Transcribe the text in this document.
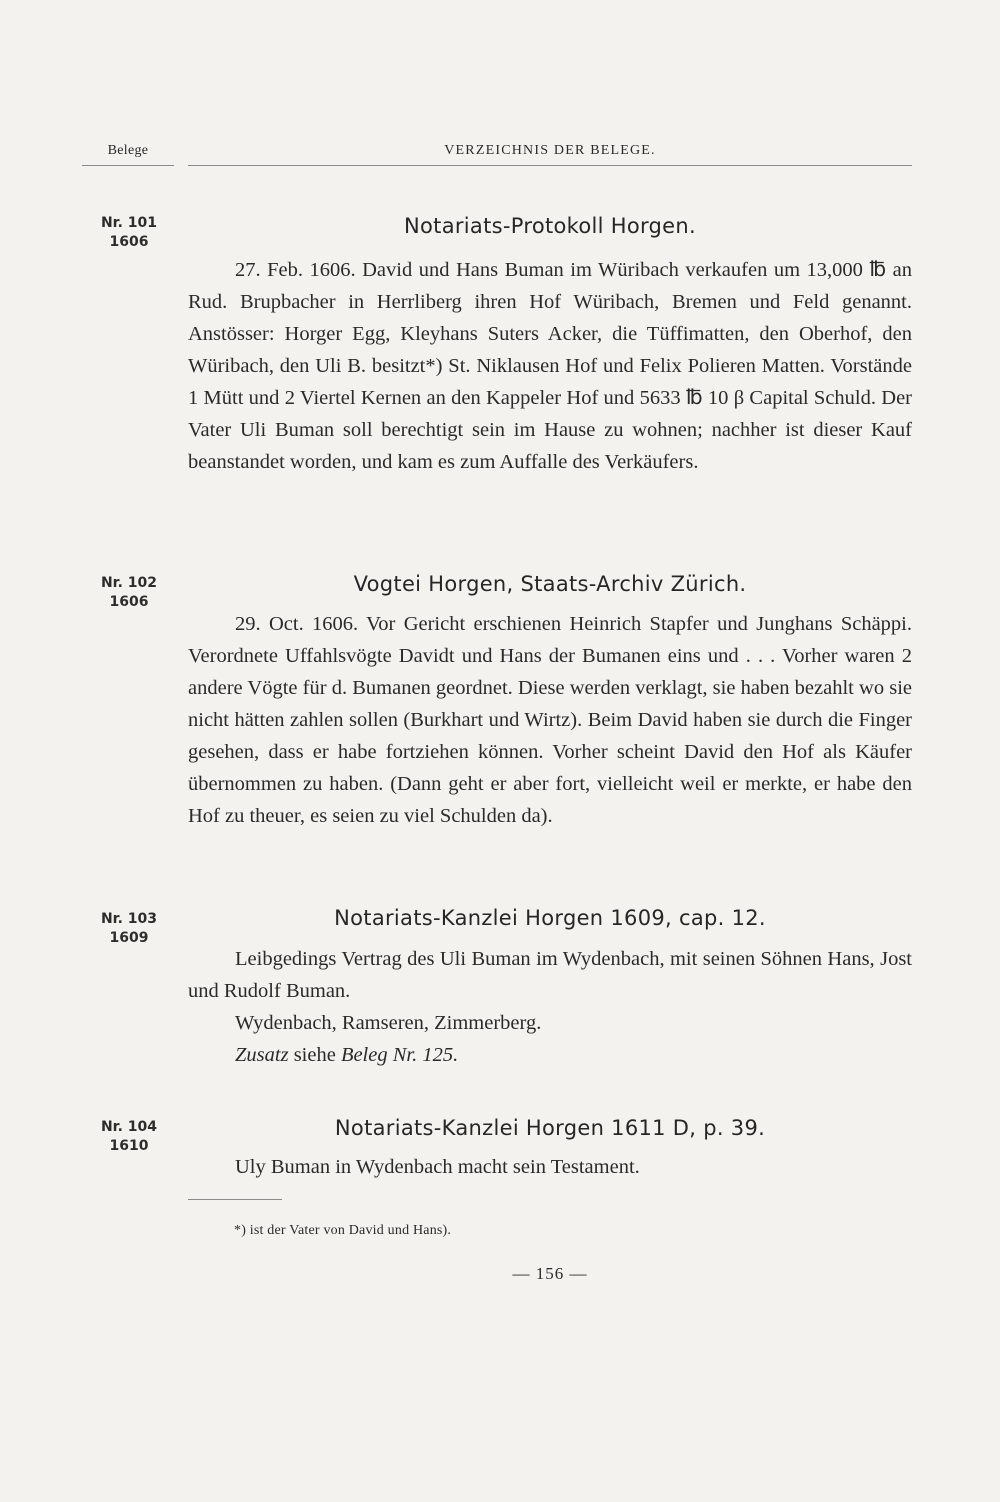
Belege	VERZEICHNIS DER BELEGE.
Nr. 101
1606
Notariats-Protokoll Horgen.

27. Feb. 1606. David und Hans Buman im Würibach verkaufen um 13,000 ℔ an Rud. Brupbacher in Herrliberg ihren Hof Würibach, Bremen und Feld genannt. Anstösser: Horger Egg, Kleyhans Suters Acker, die Tüffimatten, den Oberhof, den Würibach, den Uli B. besitzt*) St. Niklausen Hof und Felix Polieren Matten. Vorstände 1 Mütt und 2 Viertel Kernen an den Kappeler Hof und 5633 ℔ 10 β Capital Schuld. Der Vater Uli Buman soll berechtigt sein im Hause zu wohnen; nachher ist dieser Kauf beanstandet worden, und kam es zum Auffalle des Verkäufers.

Nr. 102
1606
Vogtei Horgen, Staats-Archiv Zürich.

29. Oct. 1606. Vor Gericht erschienen Heinrich Stapfer und Junghans Schäppi. Verordnete Uffahlsvögte Davidt und Hans der Bumanen eins und . . . Vorher waren 2 andere Vögte für d. Bumanen geordnet. Diese werden verklagt, sie haben bezahlt wo sie nicht hätten zahlen sollen (Burkhart und Wirtz). Beim David haben sie durch die Finger gesehen, dass er habe fortziehen können. Vorher scheint David den Hof als Käufer übernommen zu haben. (Dann geht er aber fort, vielleicht weil er merkte, er habe den Hof zu theuer, es seien zu viel Schulden da).

Nr. 103
1609
Notariats-Kanzlei Horgen 1609, cap. 12.

Leibgedings Vertrag des Uli Buman im Wydenbach, mit seinen Söhnen Hans, Jost und Rudolf Buman.

Wydenbach, Ramseren, Zimmerberg.

Zusatz siehe Beleg Nr. 125.

Nr. 104
1610
Notariats-Kanzlei Horgen 1611 D, p. 39.

Uly Buman in Wydenbach macht sein Testament.

*) ist der Vater von David und Hans).
— 156 —
